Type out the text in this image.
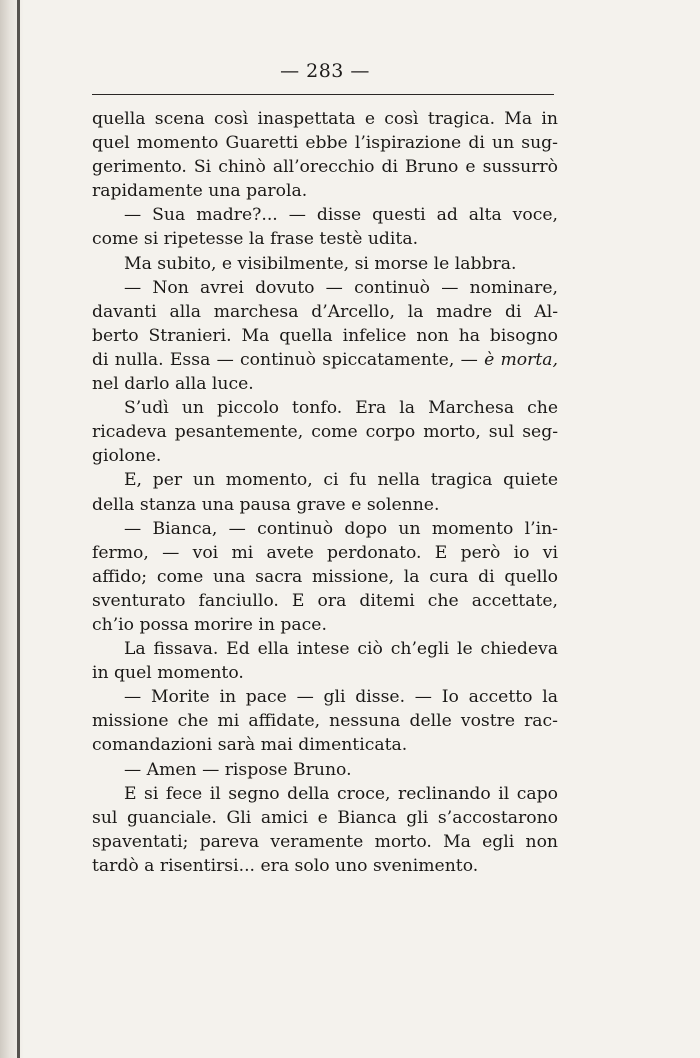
— 283 —
quella scena così inaspettata e così tragica. Ma in
quel momento Guaretti ebbe l’ispirazione di un sug-
gerimento. Si chinò all’orecchio di Bruno e sussurrò
rapidamente una parola.
— Sua madre?... — disse questi ad alta voce,
come si ripetesse la frase testè udita.
Ma subito, e visibilmente, si morse le labbra.
— Non avrei dovuto — continuò — nominare,
davanti alla marchesa d’Arcello, la madre di Al-
berto Stranieri. Ma quella infelice non ha bisogno
di nulla. Essa — continuò spiccatamente, — è morta,
nel darlo alla luce.
S’udì un piccolo tonfo. Era la Marchesa che
ricadeva pesantemente, come corpo morto, sul seg-
giolone.
E, per un momento, ci fu nella tragica quiete
della stanza una pausa grave e solenne.
— Bianca, — continuò dopo un momento l’in-
fermo, — voi mi avete perdonato. E però io vi
affido; come una sacra missione, la cura di quello
sventurato fanciullo. E ora ditemi che accettate,
ch’io possa morire in pace.
La fissava. Ed ella intese ciò ch’egli le chiedeva
in quel momento.
— Morite in pace — gli disse. — Io accetto la
missione che mi affidate, nessuna delle vostre rac-
comandazioni sarà mai dimenticata.
— Amen — rispose Bruno.
E si fece il segno della croce, reclinando il capo
sul guanciale. Gli amici e Bianca gli s’accostarono
spaventati; pareva veramente morto. Ma egli non
tardò a risentirsi... era solo uno svenimento.
